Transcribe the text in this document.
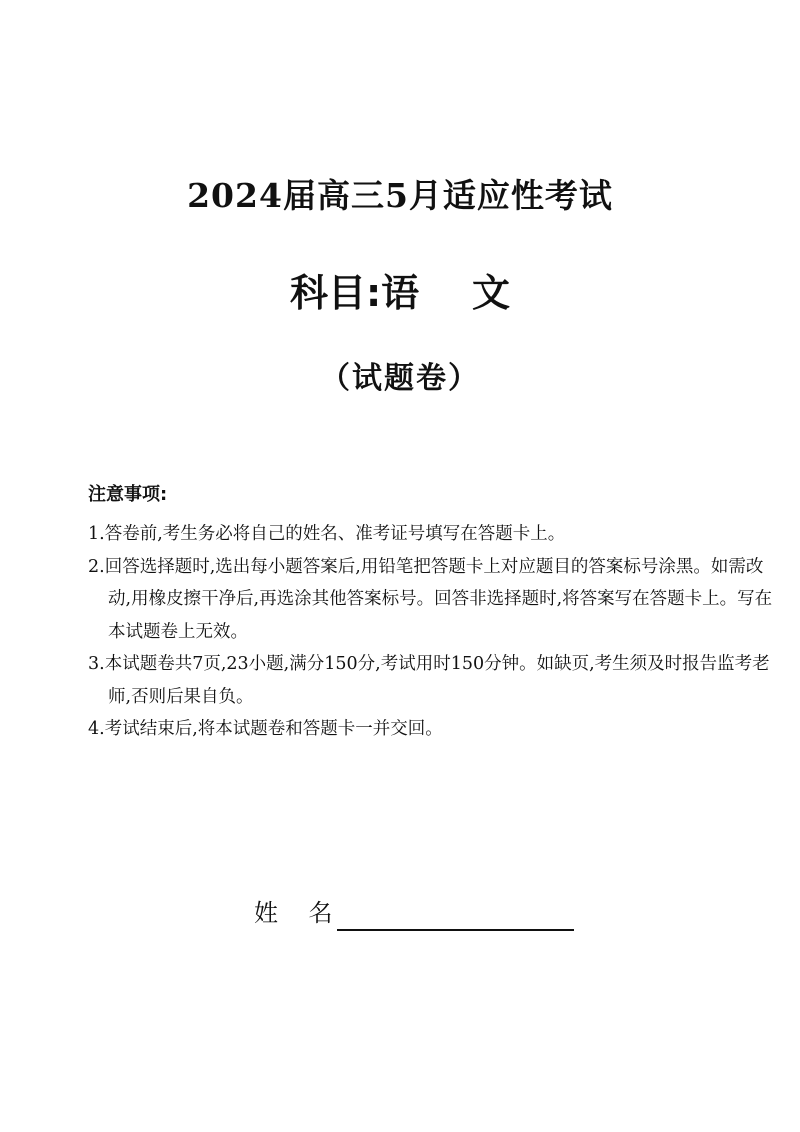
2024届高三5月适应性考试
科目:语    文
（试题卷）
注意事项:
1.答卷前,考生务必将自己的姓名、准考证号填写在答题卡上。
2.回答选择题时,选出每小题答案后,用铅笔把答题卡上对应题目的答案标号涂黑。如需改动,用橡皮擦干净后,再选涂其他答案标号。回答非选择题时,将答案写在答题卡上。写在本试题卷上无效。
3.本试题卷共7页,23小题,满分150分,考试用时150分钟。如缺页,考生须及时报告监考老师,否则后果自负。
4.考试结束后,将本试题卷和答题卡一并交回。
姓    名
